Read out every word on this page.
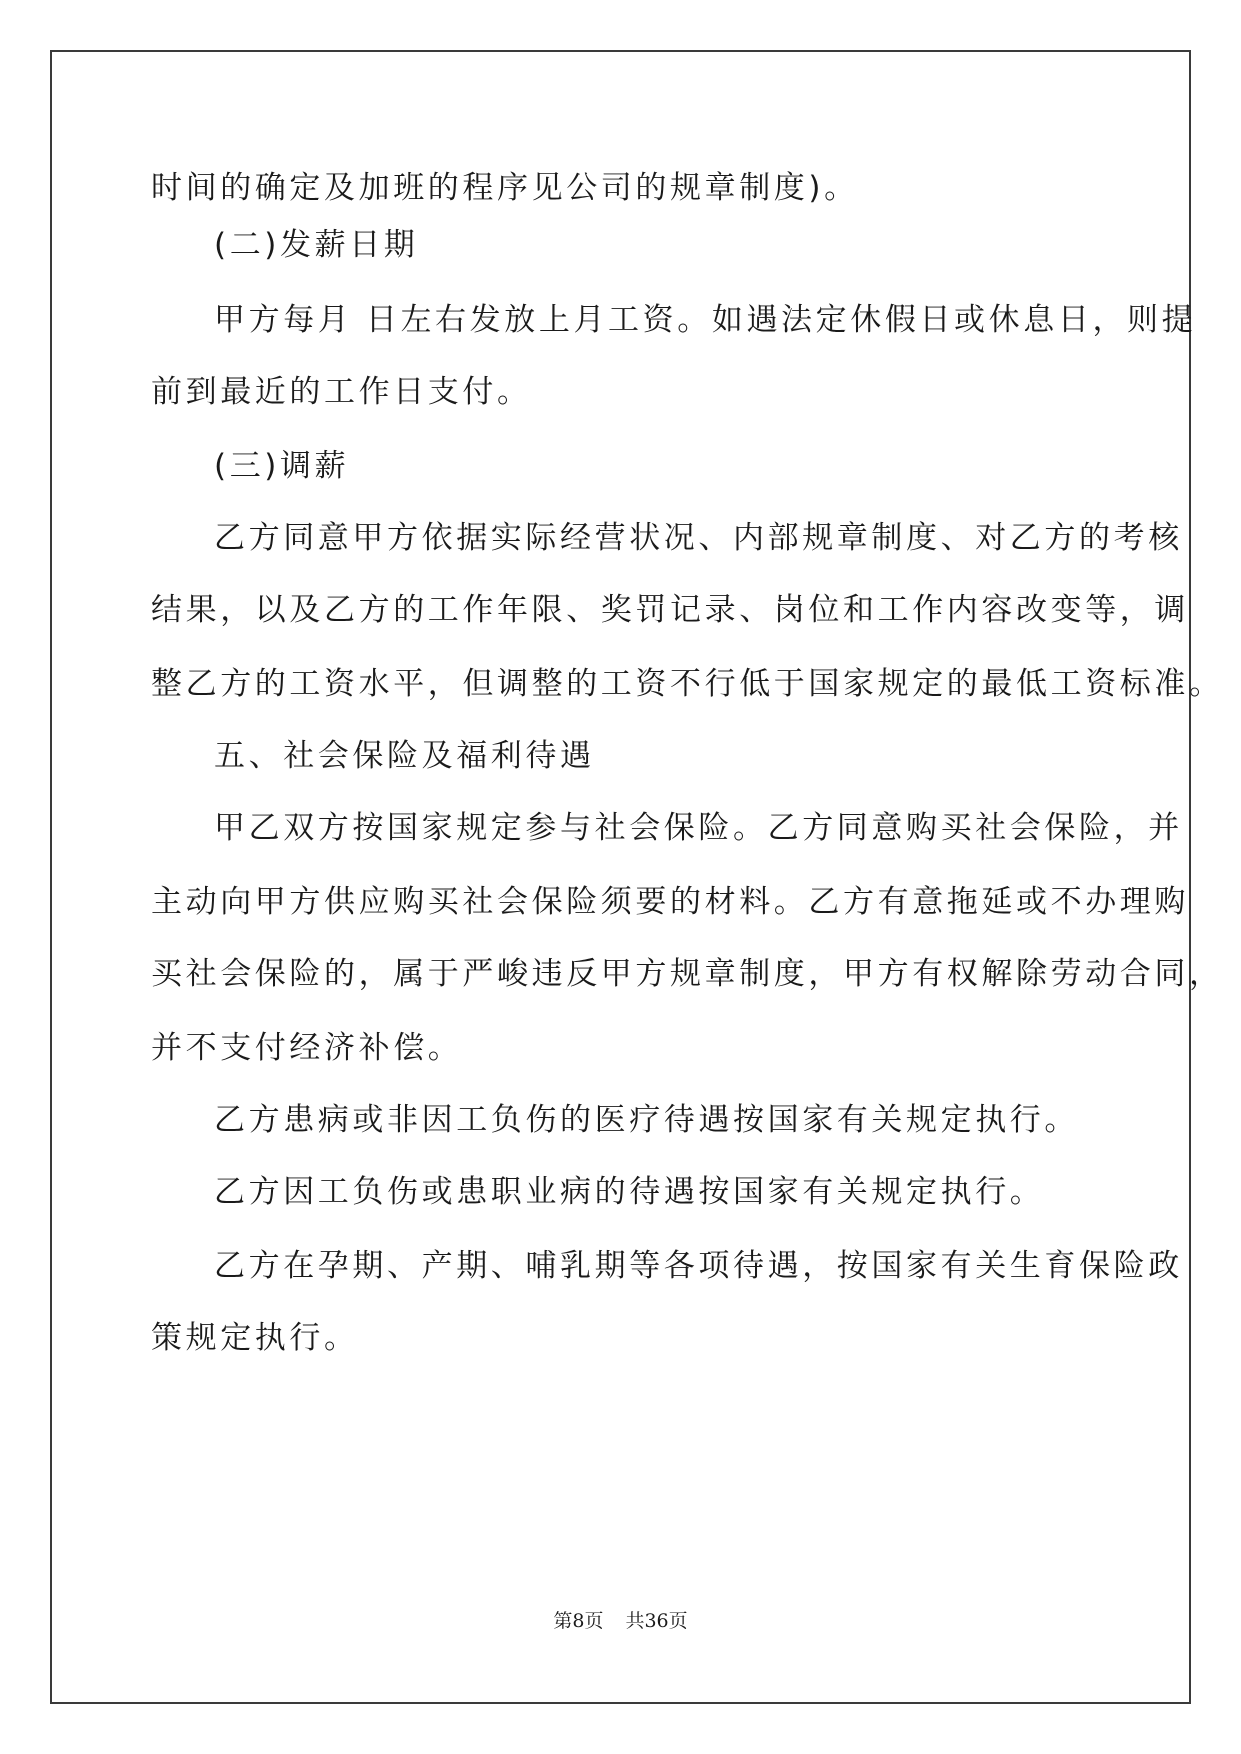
时间的确定及加班的程序见公司的规章制度)。
(二)发薪日期
甲方每月 日左右发放上月工资。如遇法定休假日或休息日，则提
前到最近的工作日支付。
(三)调薪
乙方同意甲方依据实际经营状况、内部规章制度、对乙方的考核
结果，以及乙方的工作年限、奖罚记录、岗位和工作内容改变等，调
整乙方的工资水平，但调整的工资不行低于国家规定的最低工资标准。
五、社会保险及福利待遇
甲乙双方按国家规定参与社会保险。乙方同意购买社会保险，并
主动向甲方供应购买社会保险须要的材料。乙方有意拖延或不办理购
买社会保险的，属于严峻违反甲方规章制度，甲方有权解除劳动合同，
并不支付经济补偿。
乙方患病或非因工负伤的医疗待遇按国家有关规定执行。
乙方因工负伤或患职业病的待遇按国家有关规定执行。
乙方在孕期、产期、哺乳期等各项待遇，按国家有关生育保险政
策规定执行。
第8页 共36页
